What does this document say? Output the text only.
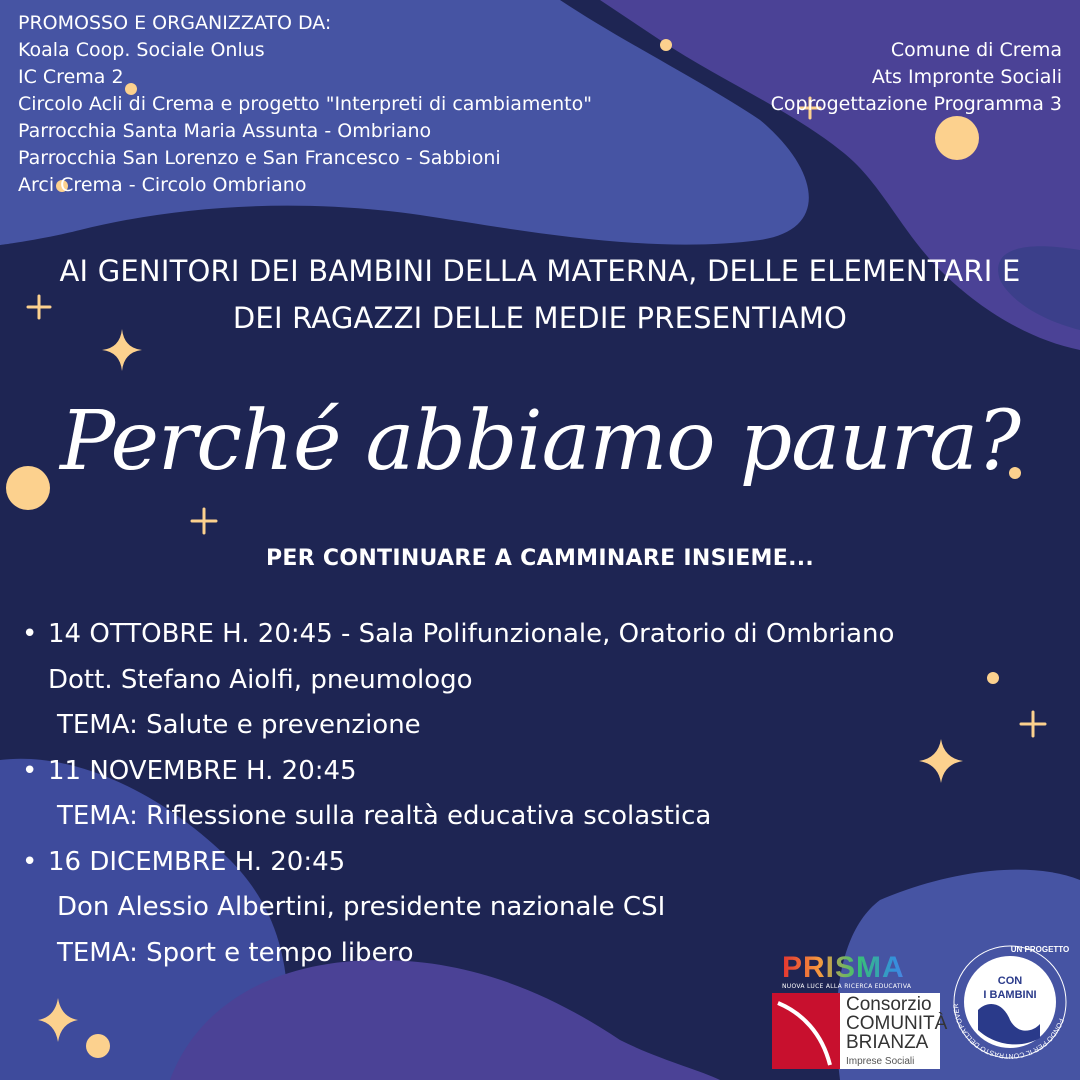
PROMOSSO E ORGANIZZATO DA:
Koala Coop. Sociale Onlus
IC Crema 2
Circolo Acli di Crema e progetto "Interpreti di cambiamento"
Parrocchia Santa Maria Assunta - Ombriano
Parrocchia San Lorenzo e San Francesco - Sabbioni
Arci Crema - Circolo Ombriano
Comune di Crema
Ats Impronte Sociali
Coprogettazione Programma 3
AI GENITORI DEI BAMBINI DELLA MATERNA, DELLE ELEMENTARI E
DEI RAGAZZI DELLE MEDIE PRESENTIAMO
Perché abbiamo paura?
PER CONTINUARE A CAMMINARE INSIEME...
• 14 OTTOBRE H. 20:45 - Sala Polifunzionale, Oratorio di Ombriano
Dott. Stefano Aiolfi, pneumologo
TEMA: Salute e prevenzione
• 11 NOVEMBRE H. 20:45
TEMA: Riflessione sulla realtà educativa scolastica
• 16 DICEMBRE H. 20:45
Don Alessio Albertini, presidente nazionale CSI
TEMA: Sport e tempo libero	PRISMA
NUOVA LUCE ALLA RICERCA EDUCATIVA
Consorzio
COMUNITÀ
BRIANZA
Imprese Sociali
CON
I BAMBINI
FONDO PER IL CONTRASTO DELLA POVER
UN PROGETTO
